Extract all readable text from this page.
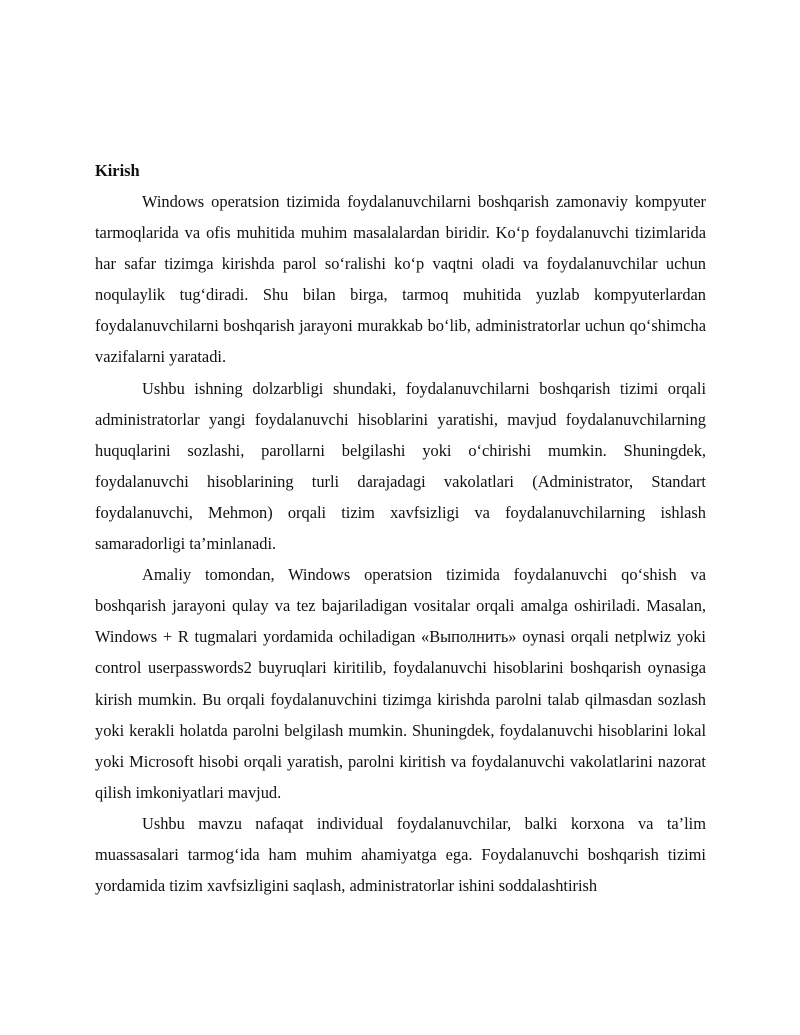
Kirish

Windows operatsion tizimida foydalanuvchilarni boshqarish zamonaviy kompyuter tarmoqlarida va ofis muhitida muhim masalalardan biridir. Ko‘p foydalanuvchi tizimlarida har safar tizimga kirishda parol so‘ralishi ko‘p vaqtni oladi va foydalanuvchilar uchun noqulaylik tug‘diradi. Shu bilan birga, tarmoq muhitida yuzlab kompyuterlardan foydalanuvchilarni boshqarish jarayoni murakkab bo‘lib, administratorlar uchun qo‘shimcha vazifalarni yaratadi.

Ushbu ishning dolzarbligi shundaki, foydalanuvchilarni boshqarish tizimi orqali administratorlar yangi foydalanuvchi hisoblarini yaratishi, mavjud foydalanuvchilarning huquqlarini sozlashi, parollarni belgilashi yoki o‘chirishi mumkin. Shuningdek, foydalanuvchi hisoblarining turli darajadagi vakolatlari (Administrator, Standart foydalanuvchi, Mehmon) orqali tizim xavfsizligi va foydalanuvchilarning ishlash samaradorligi ta’minlanadi.

Amaliy tomondan, Windows operatsion tizimida foydalanuvchi qo‘shish va boshqarish jarayoni qulay va tez bajariladigan vositalar orqali amalga oshiriladi. Masalan, Windows + R tugmalari yordamida ochiladigan «Выполнить» oynasi orqali netplwiz yoki control userpasswords2 buyruqlari kiritilib, foydalanuvchi hisoblarini boshqarish oynasiga kirish mumkin. Bu orqali foydalanuvchini tizimga kirishda parolni talab qilmasdan sozlash yoki kerakli holatda parolni belgilash mumkin. Shuningdek, foydalanuvchi hisoblarini lokal yoki Microsoft hisobi orqali yaratish, parolni kiritish va foydalanuvchi vakolatlarini nazorat qilish imkoniyatlari mavjud.

Ushbu mavzu nafaqat individual foydalanuvchilar, balki korxona va ta’lim muassasalari tarmog‘ida ham muhim ahamiyatga ega. Foydalanuvchi boshqarish tizimi yordamida tizim xavfsizligini saqlash, administratorlar ishini soddalashtirish
